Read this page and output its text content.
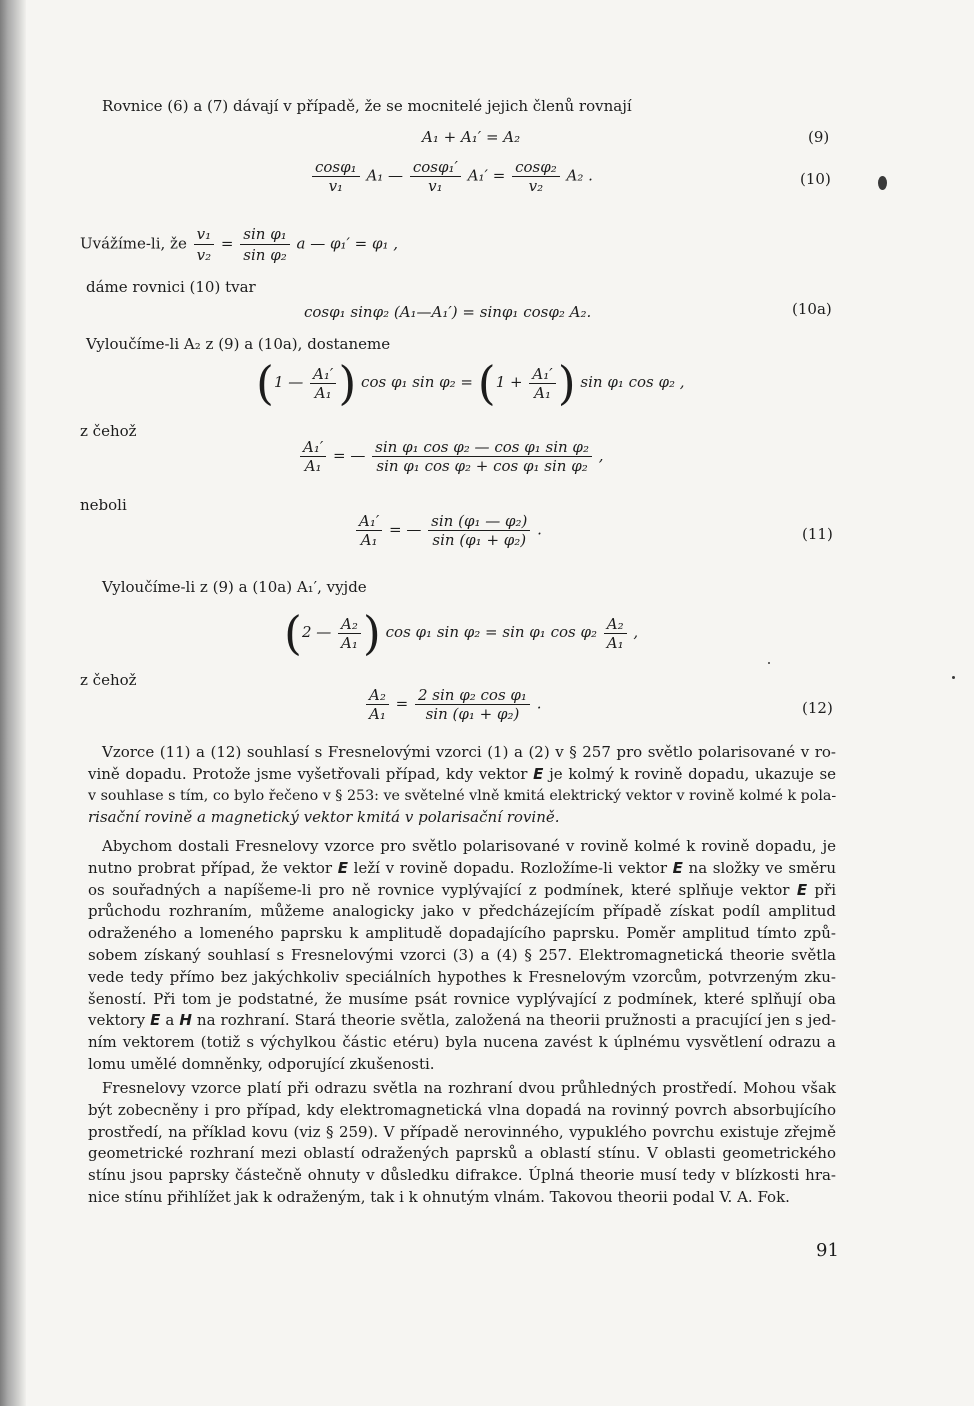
Rovnice (6) a (7) dávají v případě, že se mocnitelé jejich členů rovnají
A₁ + A₁′ = A₂	(9)
$\frac{\text{cosφ₁}}{\text{v₁}} A_1$ — $\frac{\text{cosφ₁′}}{\text{v₁}} A_1' = \frac{\text{cosφ₂}}{\text{v₂}} A_2$ .	(10)
Uvážíme-li, že $\frac{\text{v₁}}{\text{v₂}} = \frac{\text{sin φ₁}}{\text{sin φ₂}}$ a — φ₁′ = φ₁ ,
dáme rovnici (10) tvar
cosφ₁ sinφ₂ (A₁—A₁′) = sinφ₁ cosφ₂ A₂.	(10a)
Vyloučíme-li A₂ z (9) a (10a), dostaneme
(1 — $\frac{\text{A₁′}}{\text{A₁}}$ ) cos φ₁ $\sin \varphi_2 = (1 + \frac{\text{A₁′}}{\text{A₁}}$ ) sin φ₁ cos φ₂ ,
z čehož
$\frac{\text{A₁′}}{\text{A₁}}$ = — $\frac{\text{sin φ₁ cos φ₂ — cos φ₁ sin φ₂}}{\text{sin φ₁ cos φ₂ + cos φ₁ sin φ₂}}$ ,
neboli
$\frac{\text{A₁′}}{\text{A₁}}$ = — $\frac{\text{sin (φ₁ — φ₂)}}{\text{sin (φ₁ + φ₂)}}$ .	(11)
Vyloučíme-li z (9) a (10a) A₁′, vyjde
(2 — $\frac{\text{A₂}}{\text{A₁}}$ ) cos φ₁ sin φ₂ = sin φ₁ $\cos \varphi_2 \frac{\text{A₂}}{\text{A₁}}$ ,
z čehož
$\frac{\text{A₂}}{\text{A₁}} = \frac{\text{2 sin φ₂ cos φ₁}}{\text{sin (φ₁ + φ₂)}}$ .	(12)
Vzorce (11) a (12) souhlasí s Fresnelovými vzorci (1) a (2) v § 257 pro světlo polarisované v ro-
vině dopadu. Protože jsme vyšetřovali případ, kdy vektor E je kolmý k rovině dopadu, ukazuje se
v souhlase s tím, co bylo řečeno v § 253: ve světelné vlně kmitá elektrický vektor v rovině kolmé k pola-
risační rovině a magnetický vektor kmitá v polarisační rovině.
Abychom dostali Fresnelovy vzorce pro světlo polarisované v rovině kolmé k rovině dopadu, je
nutno probrat případ, že vektor E leží v rovině dopadu. Rozložíme-li vektor E na složky ve směru
os souřadných a napíšeme-li pro ně rovnice vyplývající z podmínek, které splňuje vektor E při
průchodu rozhraním, můžeme analogicky jako v předcházejícím případě získat podíl amplitud
odraženého a lomeného paprsku k amplitudě dopadajícího paprsku. Poměr amplitud tímto způ-
sobem získaný souhlasí s Fresnelovými vzorci (3) a (4) § 257. Elektromagnetická theorie světla
vede tedy přímo bez jakýchkoliv speciálních hypothes k Fresnelovým vzorcům, potvrzeným zku-
šeností. Při tom je podstatné, že musíme psát rovnice vyplývající z podmínek, které splňují oba
vektory E a H na rozhraní. Stará theorie světla, založená na theorii pružnosti a pracující jen s jed-
ním vektorem (totiž s výchylkou částic etéru) byla nucena zavést k úplnému vysvětlení odrazu a
lomu umělé domněnky, odporující zkušenosti.
Fresnelovy vzorce platí při odrazu světla na rozhraní dvou průhledných prostředí. Mohou však
být zobecněny i pro případ, kdy elektromagnetická vlna dopadá na rovinný povrch absorbujícího
prostředí, na příklad kovu (viz § 259). V případě nerovinného, vypuklého povrchu existuje zřejmě
geometrické rozhraní mezi oblastí odražených paprsků a oblastí stínu. V oblasti geometrického
stínu jsou paprsky částečně ohnuty v důsledku difrakce. Úplná theorie musí tedy v blízkosti hra-
nice stínu přihlížet jak k odraženým, tak i k ohnutým vlnám. Takovou theorii podal V. A. Fok.
91
